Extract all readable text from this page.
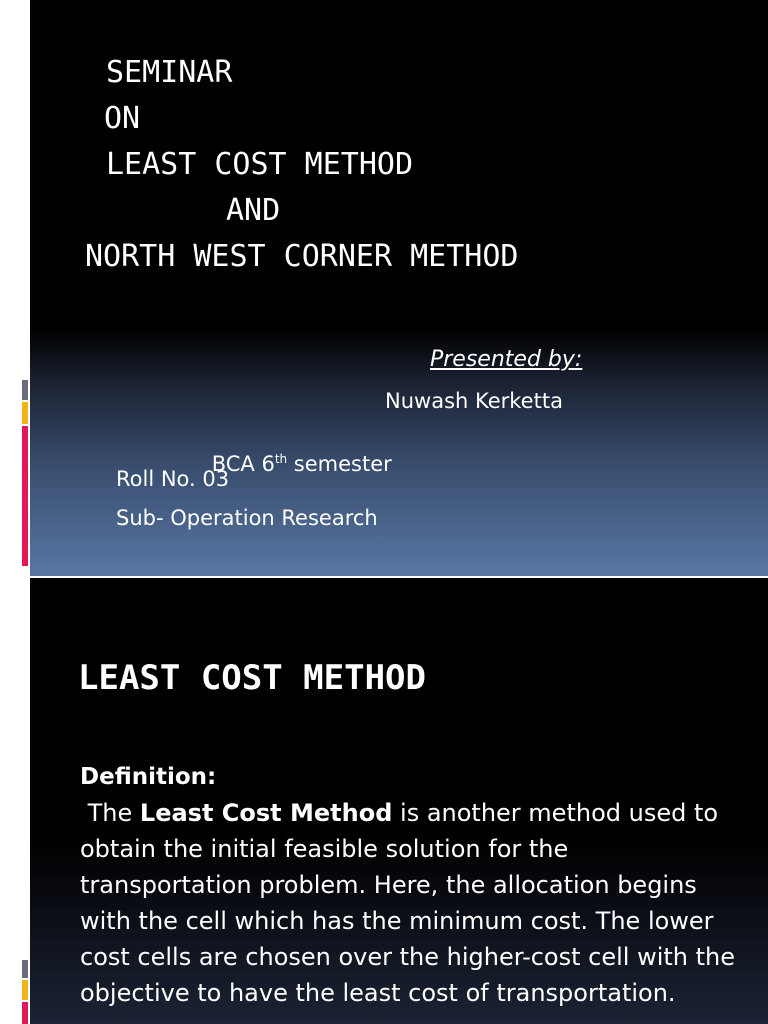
SEMINAR
ON
LEAST COST METHOD
AND
NORTH WEST CORNER METHOD
Presented by:
Nuwash Kerketta

BCA 6th semester

Roll No. 03
Sub- Operation Research
LEAST COST METHOD
Definition:
The Least Cost Method is another method used to obtain the initial feasible solution for the transportation problem. Here, the allocation begins with the cell which has the minimum cost. The lower cost cells are chosen over the higher-cost cell with the objective to have the least cost of transportation.
